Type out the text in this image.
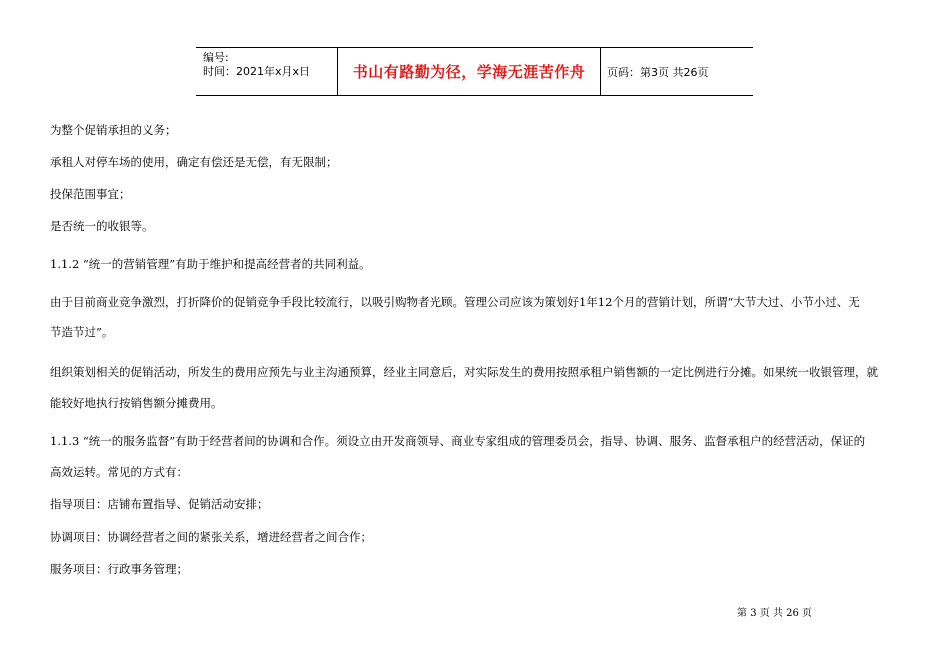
编号:
时间：2021年x月x日	书山有路勤为径，学海无涯苦作舟	页码：第3页 共26页

为整个促销承担的义务；

承租人对停车场的使用，确定有偿还是无偿，有无限制；

投保范围事宜；

是否统一的收银等。

1.1.2 “统一的营销管理”有助于维护和提高经营者的共同利益。

由于目前商业竞争激烈，打折降价的促销竞争手段比较流行，以吸引购物者光顾。管理公司应该为策划好1年12个月的营销计划，所谓“大节大过、小节小过、无

节造节过”。

组织策划相关的促销活动，所发生的费用应预先与业主沟通预算，经业主同意后，对实际发生的费用按照承租户销售额的一定比例进行分摊。如果统一收银管理，就

能较好地执行按销售额分摊费用。

1.1.3 “统一的服务监督”有助于经营者间的协调和合作。须设立由开发商领导、商业专家组成的管理委员会，指导、协调、服务、监督承租户的经营活动，保证的

高效运转。常见的方式有：

指导项目：店铺布置指导、促销活动安排；

协调项目：协调经营者之间的紧张关系，增进经营者之间合作；

服务项目：行政事务管理；

第 3 页 共 26 页
